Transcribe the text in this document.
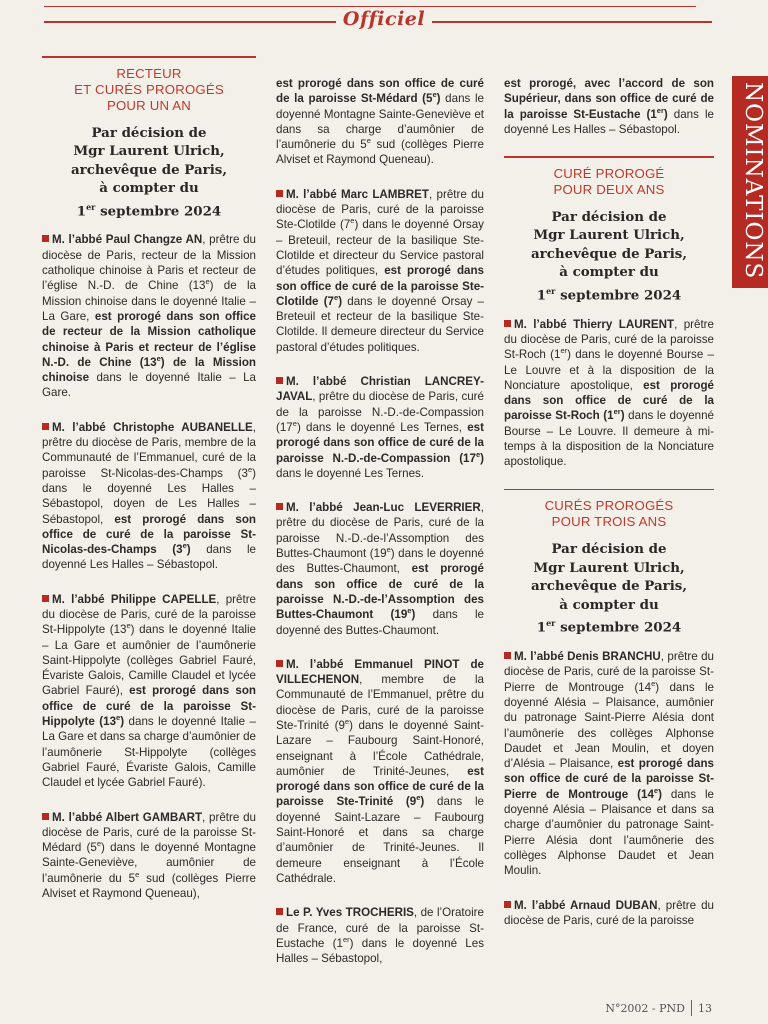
Officiel
NOMINATIONS
RECTEUR
ET CURÉS PROROGÉS
POUR UN AN
Par décision de
Mgr Laurent Ulrich,
archevêque de Paris,
à compter du
1er septembre 2024

M. l’abbé Paul Changze AN, prêtre du diocèse de Paris, recteur de la Mission catholique chinoise à Paris et recteur de l’église N.-D. de Chine (13e) de la Mission chinoise dans le doyenné Italie – La Gare, est prorogé dans son office de recteur de la Mission catholique chinoise à Paris et recteur de l’église N.-D. de Chine (13e) de la Mission chinoise dans le doyenné Italie – La Gare.

M. l’abbé Christophe AUBANELLE, prêtre du diocèse de Paris, membre de la Communauté de l’Emmanuel, curé de la paroisse St-Nicolas-des-Champs (3e) dans le doyenné Les Halles – Sébastopol, doyen de Les Halles – Sébastopol, est prorogé dans son office de curé de la paroisse St-Nicolas-des-Champs (3e) dans le doyenné Les Halles – Sébastopol.

M. l’abbé Philippe CAPELLE, prêtre du diocèse de Paris, curé de la paroisse St-Hippolyte (13e) dans le doyenné Italie – La Gare et aumônier de l’aumônerie Saint-Hippolyte (collèges Gabriel Fauré, Évariste Galois, Camille Claudel et lycée Gabriel Fauré), est prorogé dans son office de curé de la paroisse St-Hippolyte (13e) dans le doyenné Italie – La Gare et dans sa charge d’aumônier de l’aumônerie St-Hippolyte (collèges Gabriel Fauré, Évariste Galois, Camille Claudel et lycée Gabriel Fauré).

M. l’abbé Albert GAMBART, prêtre du diocèse de Paris, curé de la paroisse St-Médard (5e) dans le doyenné Montagne Sainte-Geneviève, aumônier de l’aumônerie du 5e sud (collèges Pierre Alviset et Raymond Queneau),

est prorogé dans son office de curé de la paroisse St-Médard (5e) dans le doyenné Montagne Sainte-Geneviève et dans sa charge d’aumônier de l’aumônerie du 5e sud (collèges Pierre Alviset et Raymond Queneau).

M. l’abbé Marc LAMBRET, prêtre du diocèse de Paris, curé de la paroisse Ste-Clotilde (7e) dans le doyenné Orsay – Breteuil, recteur de la basilique Ste-Clotilde et directeur du Service pastoral d’études politiques, est prorogé dans son office de curé de la paroisse Ste-Clotilde (7e) dans le doyenné Orsay – Breteuil et recteur de la basilique Ste-Clotilde. Il demeure directeur du Service pastoral d’études politiques.

M. l’abbé Christian LANCREY-JAVAL, prêtre du diocèse de Paris, curé de la paroisse N.-D.-de-Compassion (17e) dans le doyenné Les Ternes, est prorogé dans son office de curé de la paroisse N.-D.-de-Compassion (17e) dans le doyenné Les Ternes.

M. l’abbé Jean-Luc LEVERRIER, prêtre du diocèse de Paris, curé de la paroisse N.-D.-de-l’Assomption des Buttes-Chaumont (19e) dans le doyenné des Buttes-Chaumont, est prorogé dans son office de curé de la paroisse N.-D.-de-l’Assomption des Buttes-Chaumont (19e) dans le doyenné des Buttes-Chaumont.

M. l’abbé Emmanuel PINOT de VILLECHENON, membre de la Communauté de l’Emmanuel, prêtre du diocèse de Paris, curé de la paroisse Ste-Trinité (9e) dans le doyenné Saint-Lazare – Faubourg Saint-Honoré, enseignant à l’École Cathédrale, aumônier de Trinité-Jeunes, est prorogé dans son office de curé de la paroisse Ste-Trinité (9e) dans le doyenné Saint-Lazare – Faubourg Saint-Honoré et dans sa charge d’aumônier de Trinité-Jeunes. Il demeure enseignant à l’École Cathédrale.

Le P. Yves TROCHERIS, de l’Oratoire de France, curé de la paroisse St-Eustache (1er) dans le doyenné Les Halles – Sébastopol,

est prorogé, avec l’accord de son Supérieur, dans son office de curé de la paroisse St-Eustache (1er) dans le doyenné Les Halles – Sébastopol.

CURÉ PROROGÉ
POUR DEUX ANS
Par décision de
Mgr Laurent Ulrich,
archevêque de Paris,
à compter du
1er septembre 2024

M. l’abbé Thierry LAURENT, prêtre du diocèse de Paris, curé de la paroisse St-Roch (1er) dans le doyenné Bourse – Le Louvre et à la disposition de la Nonciature apostolique, est prorogé dans son office de curé de la paroisse St-Roch (1er) dans le doyenné Bourse – Le Louvre. Il demeure à mi-temps à la disposition de la Nonciature apostolique.

CURÉS PROROGÉS
POUR TROIS ANS
Par décision de
Mgr Laurent Ulrich,
archevêque de Paris,
à compter du
1er septembre 2024

M. l’abbé Denis BRANCHU, prêtre du diocèse de Paris, curé de la paroisse St-Pierre de Montrouge (14e) dans le doyenné Alésia – Plaisance, aumônier du patronage Saint-Pierre Alésia dont l’aumônerie des collèges Alphonse Daudet et Jean Moulin, et doyen d’Alésia – Plaisance, est prorogé dans son office de curé de la paroisse St-Pierre de Montrouge (14e) dans le doyenné Alésia – Plaisance et dans sa charge d’aumônier du patronage Saint-Pierre Alésia dont l’aumônerie des collèges Alphonse Daudet et Jean Moulin.

M. l’abbé Arnaud DUBAN, prêtre du diocèse de Paris, curé de la paroisse

N°2002 - PND 13
